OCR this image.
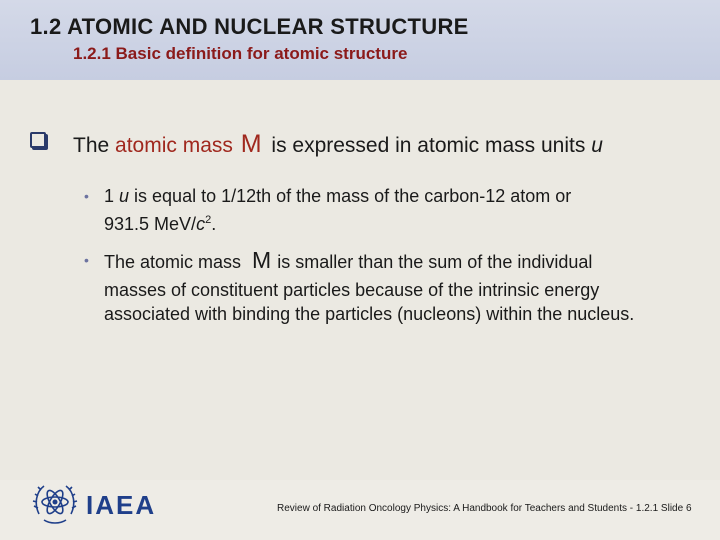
1.2 ATOMIC AND NUCLEAR STRUCTURE
1.2.1 Basic definition for atomic structure
The atomic mass M is expressed in atomic mass units u
• 1 u is equal to 1/12th of the mass of the carbon-12 atom or
931.5 MeV/$c^2$.
• The atomic mass M is smaller than the sum of the individual
masses of constituent particles because of the intrinsic energy
associated with binding the particles (nucleons) within the nucleus.
IAEA	Review of Radiation Oncology Physics: A Handbook for Teachers and Students - 1.2.1 Slide 6
